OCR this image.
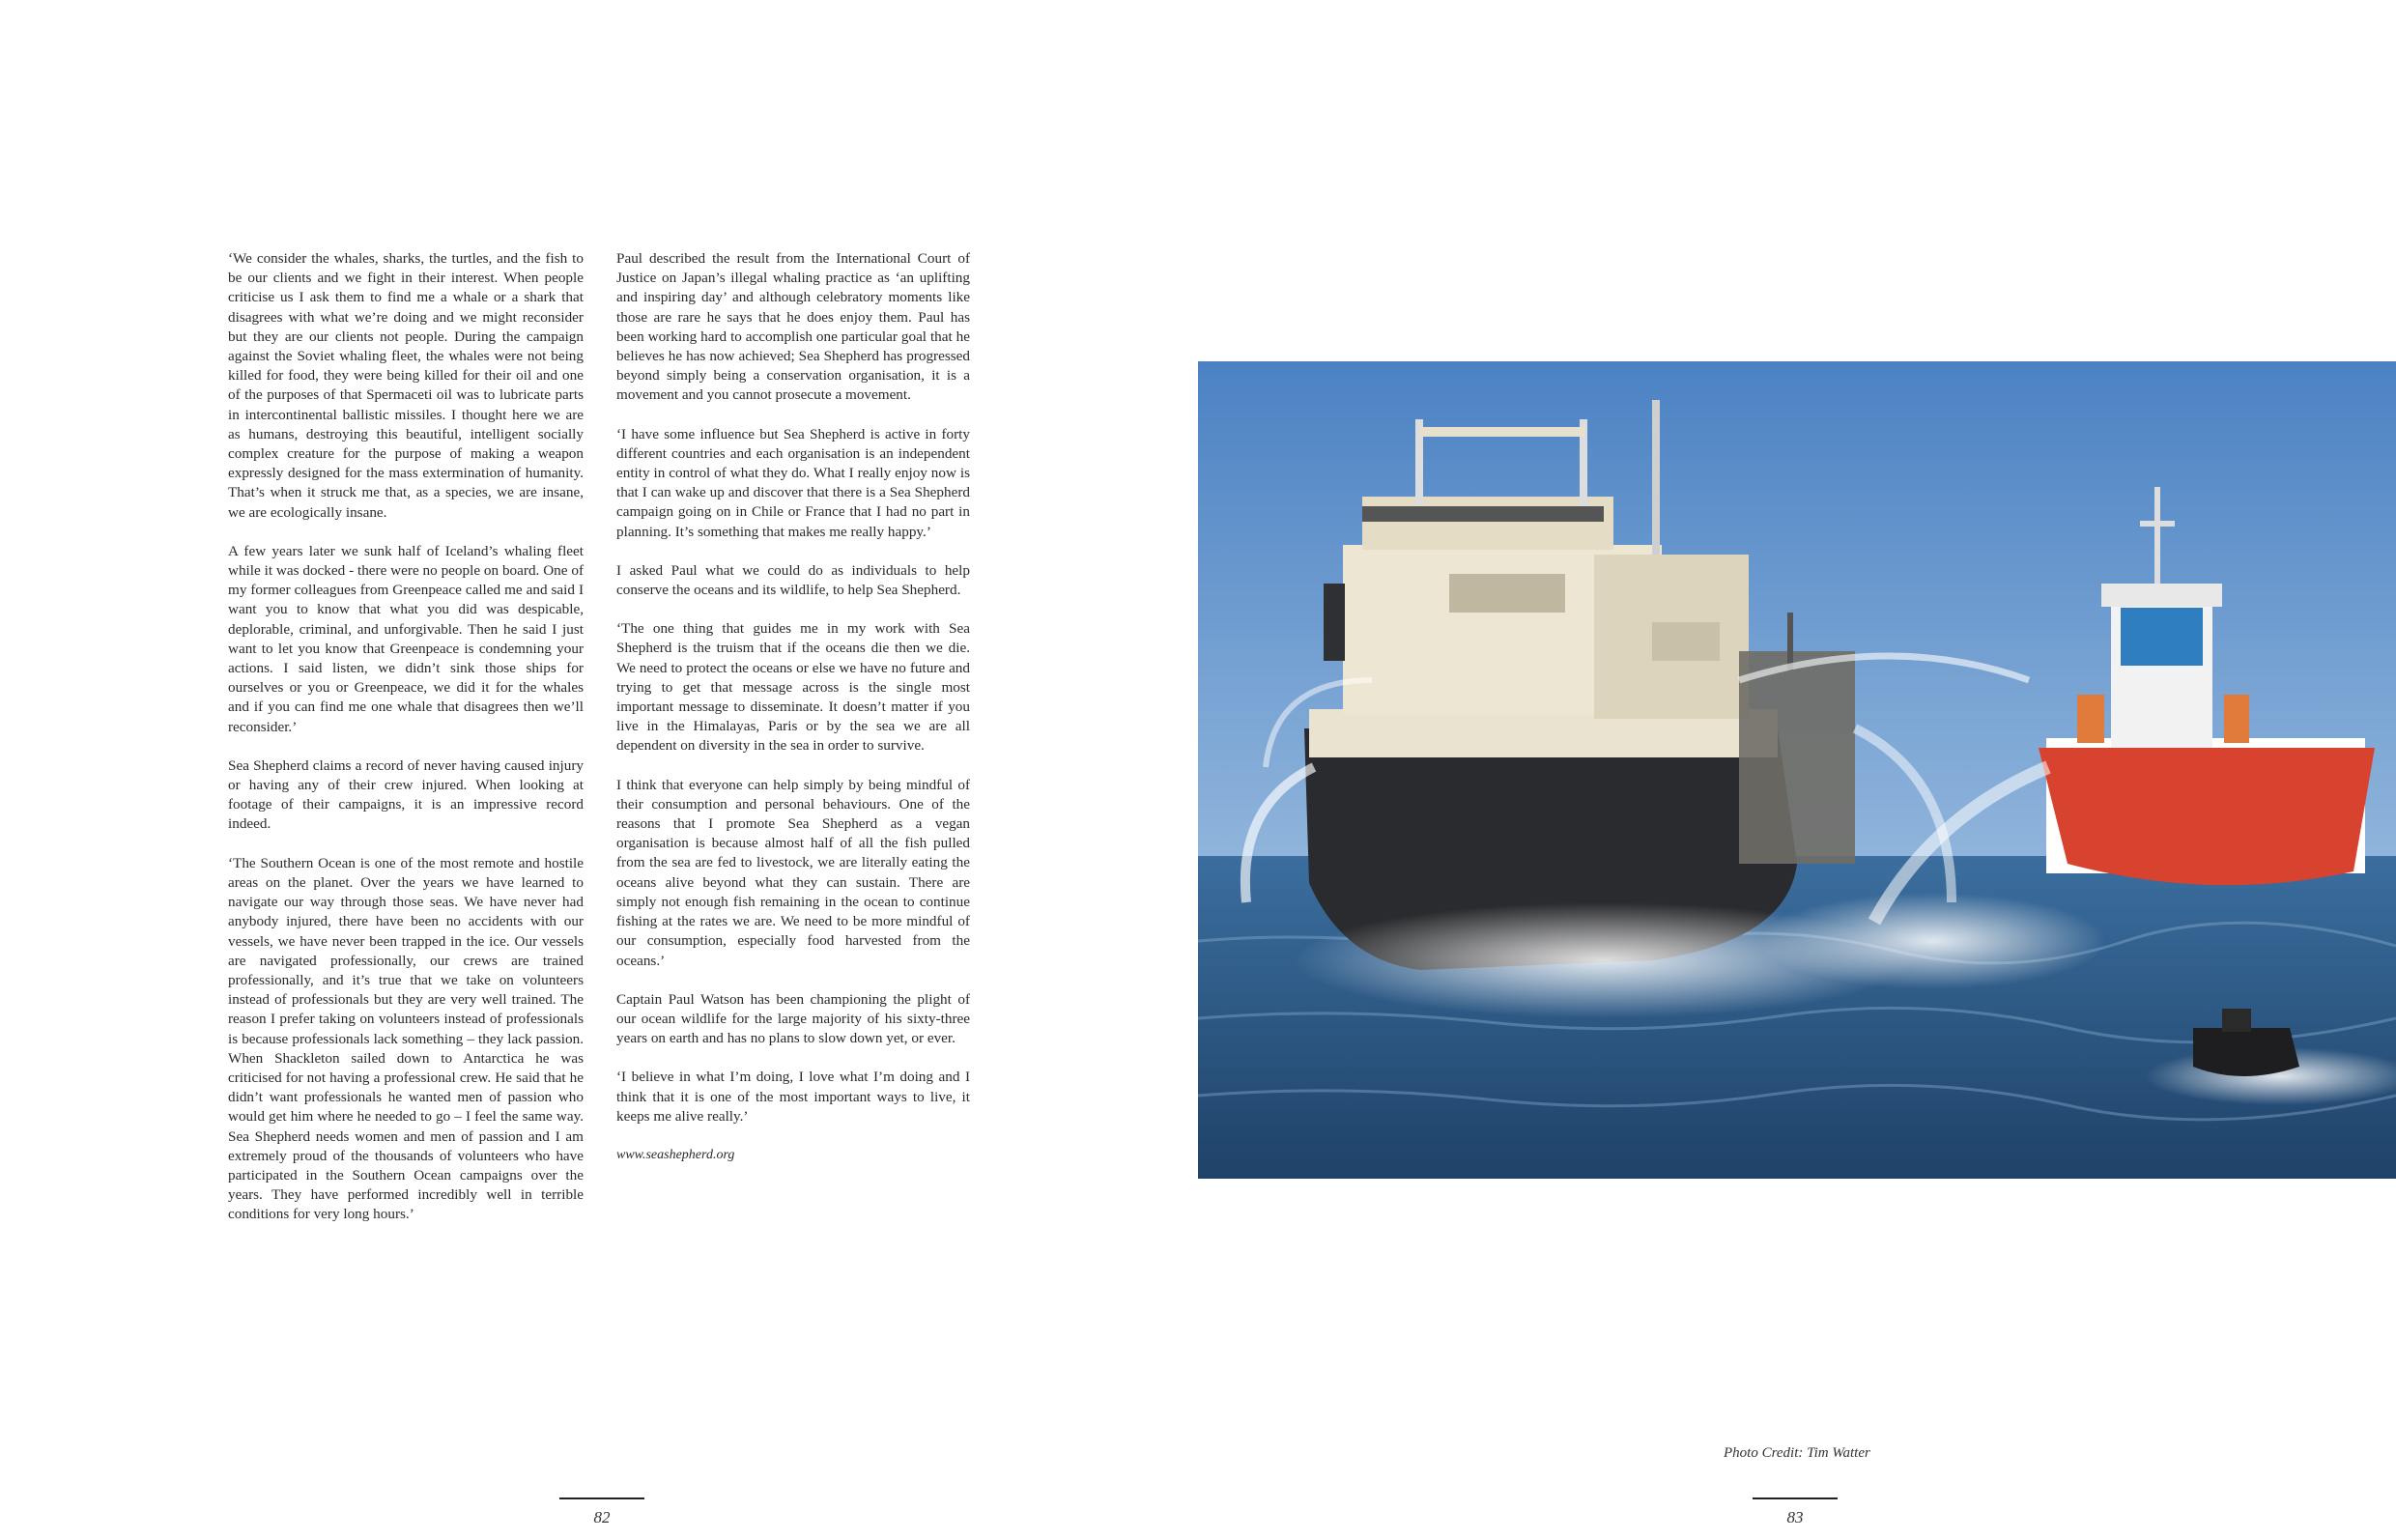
‘We consider the whales, sharks, the turtles, and the fish to be our clients and we fight in their interest. When people criticise us I ask them to find me a whale or a shark that disagrees with what we’re doing and we might reconsider but they are our clients not people. During the campaign against the Soviet whaling fleet, the whales were not being killed for food, they were being killed for their oil and one of the purposes of that Spermaceti oil was to lubricate parts in intercontinental ballistic missiles. I thought here we are as humans, destroying this beautiful, intelligent socially complex creature for the purpose of making a weapon expressly designed for the mass extermination of humanity. That’s when it struck me that, as a species, we are insane, we are ecologically insane.

A few years later we sunk half of Iceland’s whaling fleet while it was docked - there were no people on board. One of my former colleagues from Greenpeace called me and said I want you to know that what you did was despicable, deplorable, criminal, and unforgivable. Then he said I just want to let you know that Greenpeace is condemning your actions. I said listen, we didn’t sink those ships for ourselves or you or Greenpeace, we did it for the whales and if you can find me one whale that disagrees then we’ll reconsider.’

Sea Shepherd claims a record of never having caused injury or having any of their crew injured. When looking at footage of their campaigns, it is an impressive record indeed.

‘The Southern Ocean is one of the most remote and hostile areas on the planet. Over the years we have learned to navigate our way through those seas. We have never had anybody injured, there have been no accidents with our vessels, we have never been trapped in the ice. Our vessels are navigated professionally, our crews are trained professionally, and it’s true that we take on volunteers instead of professionals but they are very well trained. The reason I prefer taking on volunteers instead of professionals is because professionals lack something – they lack passion. When Shackleton sailed down to Antarctica he was criticised for not having a professional crew. He said that he didn’t want professionals he wanted men of passion who would get him where he needed to go – I feel the same way. Sea Shepherd needs women and men of passion and I am extremely proud of the thousands of volunteers who have participated in the Southern Ocean campaigns over the years. They have performed incredibly well in terrible conditions for very long hours.’

Paul described the result from the International Court of Justice on Japan’s illegal whaling practice as ‘an uplifting and inspiring day’ and although celebratory moments like those are rare he says that he does enjoy them. Paul has been working hard to accomplish one particular goal that he believes he has now achieved; Sea Shepherd has progressed beyond simply being a conservation organisation, it is a movement and you cannot prosecute a movement.

‘I have some influence but Sea Shepherd is active in forty different countries and each organisation is an independent entity in control of what they do. What I really enjoy now is that I can wake up and discover that there is a Sea Shepherd campaign going on in Chile or France that I had no part in planning. It’s something that makes me really happy.’

I asked Paul what we could do as individuals to help conserve the oceans and its wildlife, to help Sea Shepherd.

‘The one thing that guides me in my work with Sea Shepherd is the truism that if the oceans die then we die. We need to protect the oceans or else we have no future and trying to get that message across is the single most important message to disseminate. It doesn’t matter if you live in the Himalayas, Paris or by the sea we are all dependent on diversity in the sea in order to survive.

I think that everyone can help simply by being mindful of their consumption and personal behaviours. One of the reasons that I promote Sea Shepherd as a vegan organisation is because almost half of all the fish pulled from the sea are fed to livestock, we are literally eating the oceans alive beyond what they can sustain. There are simply not enough fish remaining in the ocean to continue fishing at the rates we are. We need to be more mindful of our consumption, especially food harvested from the oceans.’

Captain Paul Watson has been championing the plight of our ocean wildlife for the large majority of his sixty-three years on earth and has no plans to slow down yet, or ever.

‘I believe in what I’m doing, I love what I’m doing and I think that it is one of the most important ways to live, it keeps me alive really.’

www.seashepherd.org

82
Photo Credit: Tim Watter
83
